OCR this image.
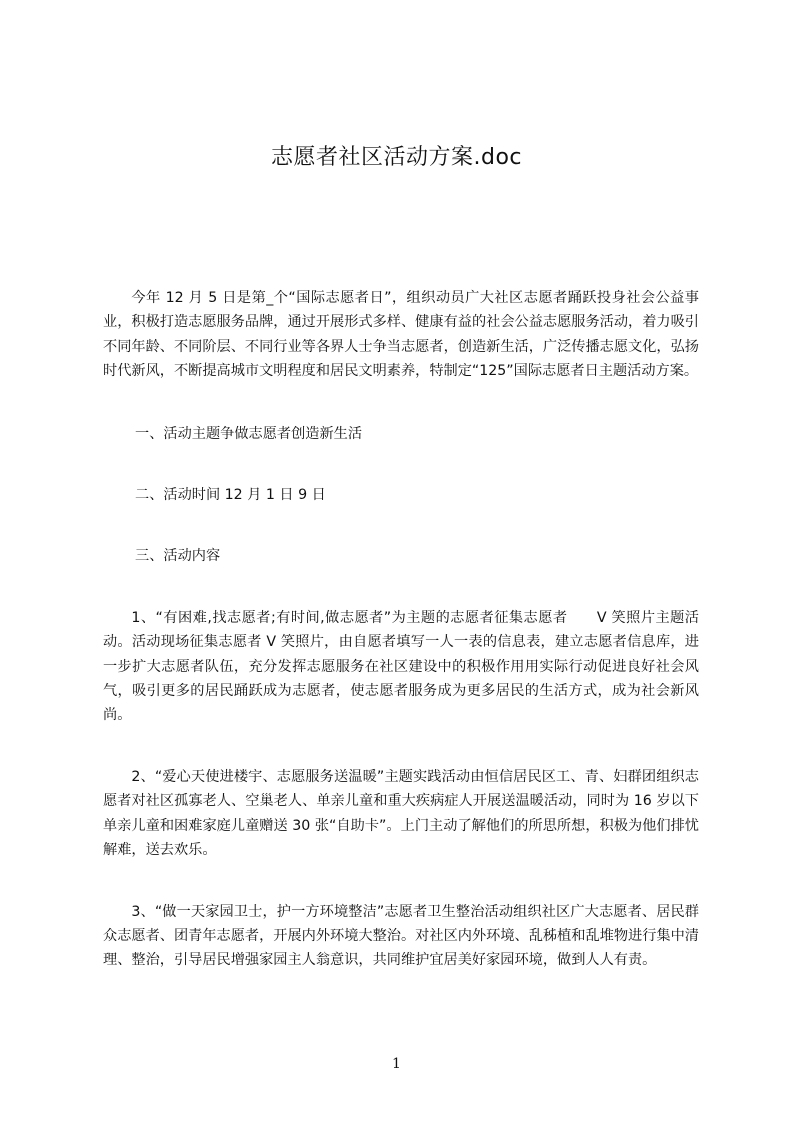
志愿者社区活动方案.doc

今年 12 月 5 日是第_个“国际志愿者日”，组织动员广大社区志愿者踊跃投身社会公益事业，积极打造志愿服务品牌，通过开展形式多样、健康有益的社会公益志愿服务活动，着力吸引不同年龄、不同阶层、不同行业等各界人士争当志愿者，创造新生活，广泛传播志愿文化，弘扬时代新风，不断提高城市文明程度和居民文明素养，特制定“125”国际志愿者日主题活动方案。

一、活动主题争做志愿者创造新生活

二、活动时间 12 月 1 日 9 日

三、活动内容

1、“有困难,找志愿者;有时间,做志愿者”为主题的志愿者征集志愿者　　V 笑照片主题活动。活动现场征集志愿者 V 笑照片，由自愿者填写一人一表的信息表，建立志愿者信息库，进一步扩大志愿者队伍，充分发挥志愿服务在社区建设中的积极作用用实际行动促进良好社会风气，吸引更多的居民踊跃成为志愿者，使志愿者服务成为更多居民的生活方式，成为社会新风尚。

2、“爱心天使进楼宇、志愿服务送温暖”主题实践活动由恒信居民区工、青、妇群团组织志愿者对社区孤寡老人、空巢老人、单亲儿童和重大疾病症人开展送温暖活动，同时为 16 岁以下单亲儿童和困难家庭儿童赠送 30 张“自助卡”。上门主动了解他们的所思所想，积极为他们排忧解难，送去欢乐。

3、“做一天家园卫士，护一方环境整洁”志愿者卫生整治活动组织社区广大志愿者、居民群众志愿者、团青年志愿者，开展内外环境大整治。对社区内外环境、乱秭植和乱堆物进行集中清理、整治，引导居民增强家园主人翁意识，共同维护宜居美好家园环境，做到人人有责。

1
